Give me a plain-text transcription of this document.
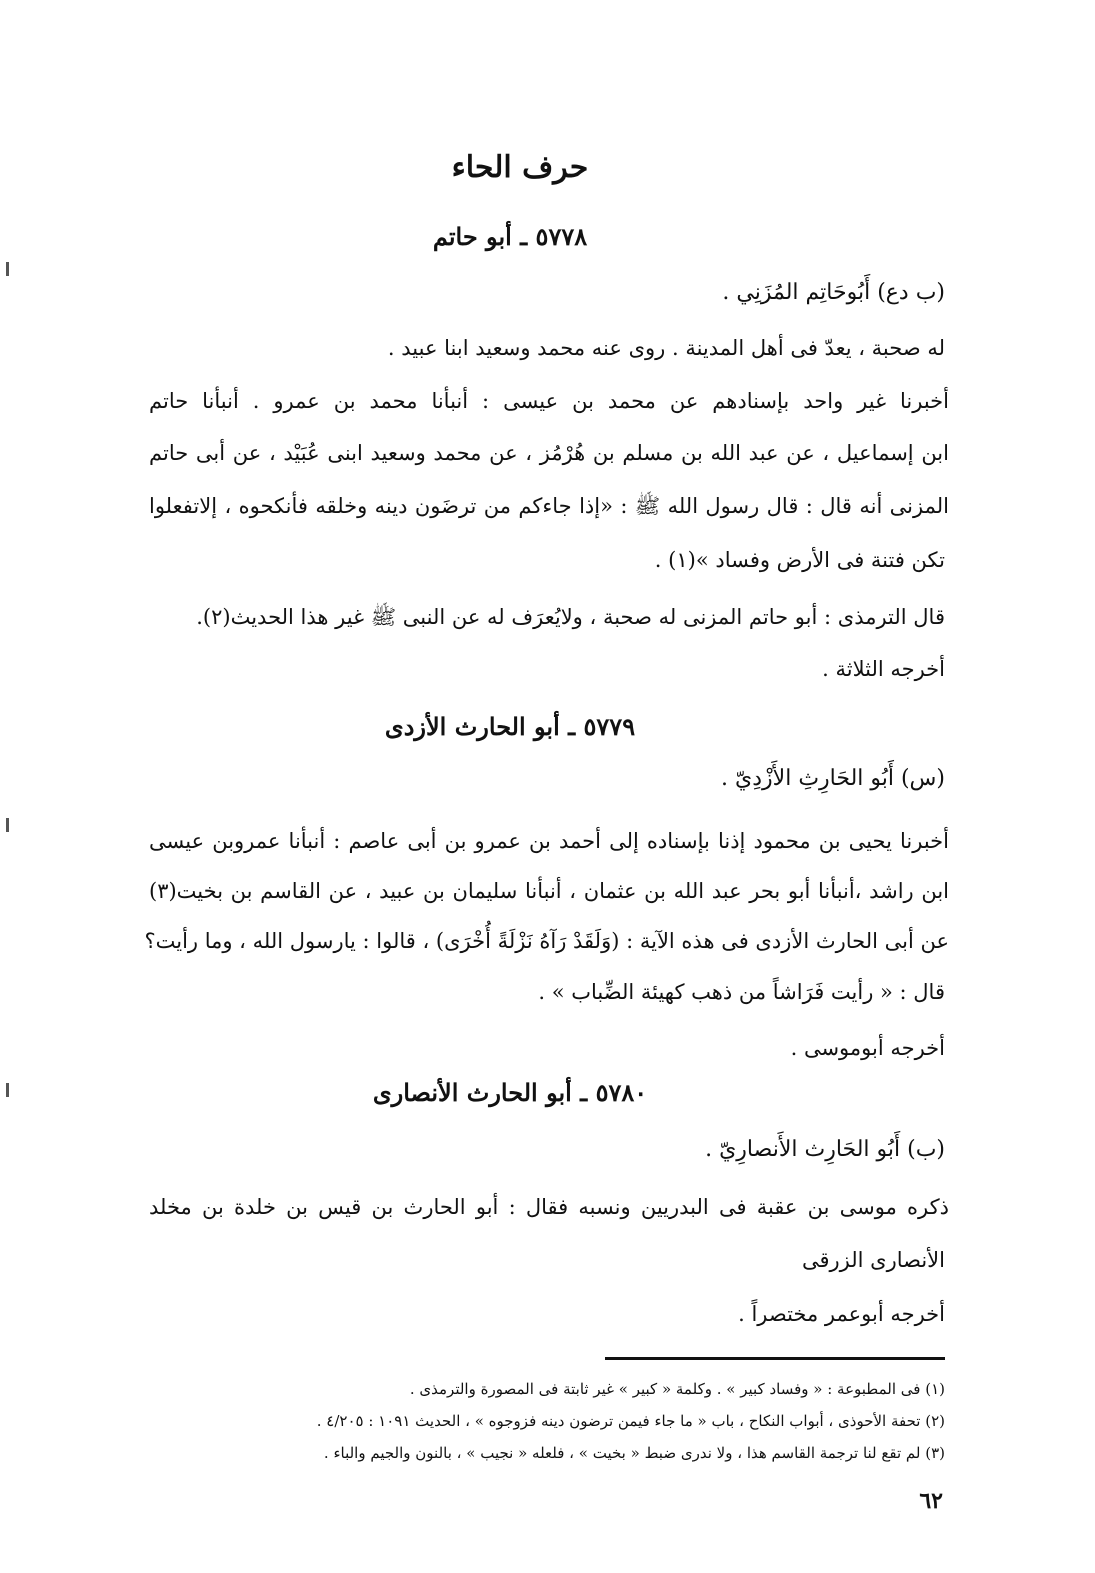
حرف الحاء
٥٧٧٨ ـ أبو حاتم
(ب دع) أَبُوحَاتِم المُزَنِي .
له صحبة ، يعدّ فى أهل المدينة . روى عنه محمد وسعيد ابنا عبيد .
أخبرنا غير واحد بإسنادهم عن محمد بن عيسى : أنبأنا محمد بن عمرو . أنبأنا حاتم
ابن إسماعيل ، عن عبد الله بن مسلم بن هُرْمُز ، عن محمد وسعيد ابنى عُبَيْد ، عن أبى حاتم
المزنى أنه قال : قال رسول الله ﷺ : «إذا جاءكم من ترضَون دينه وخلقه فأنكحوه ، إلاتفعلوا
تكن فتنة فى الأرض وفساد »(١) .
قال الترمذى : أبو حاتم المزنى له صحبة ، ولايُعرَف له عن النبى ﷺ غير هذا الحديث(٢).
أخرجه الثلاثة .
٥٧٧٩ ـ أبو الحارث الأزدى
(س) أَبُو الحَارِثِ الأَزْدِيّ .
أخبرنا يحيى بن محمود إذنا بإسناده إلى أحمد بن عمرو بن أبى عاصم : أنبأنا عمروبن عيسى
ابن راشد ،أنبأنا أبو بحر عبد الله بن عثمان ، أنبأنا سليمان بن عبيد ، عن القاسم بن بخيت(٣)
عن أبى الحارث الأزدى فى هذه الآية : (وَلَقَدْ رَآهُ نَزْلَةً أُخْرَى) ، قالوا : يارسول الله ، وما رأيت؟
قال : « رأيت فَرَاشاً من ذهب كهيئة الضِّباب » .
أخرجه أبوموسى .
٥٧٨٠ ـ أبو الحارث الأنصارى
(ب) أَبُو الحَارِث الأَنصارِيّ .
ذكره موسى بن عقبة فى البدريين ونسبه فقال : أبو الحارث بن قيس بن خلدة بن مخلد
الأنصارى الزرقى
أخرجه أبوعمر مختصراً .
(١) فى المطبوعة : « وفساد كبير » . وكلمة « كبير » غير ثابتة فى المصورة والترمذى .
(٢) تحفة الأحوذى ، أبواب النكاح ، باب « ما جاء فيمن ترضون دينه فزوجوه » ، الحديث ١٠٩١ : ٤/٢٠٥ .
(٣) لم تقع لنا ترجمة القاسم هذا ، ولا ندرى ضبط « بخيت » ، فلعله « نجيب » ، بالنون والجيم والباء .
٦٢
